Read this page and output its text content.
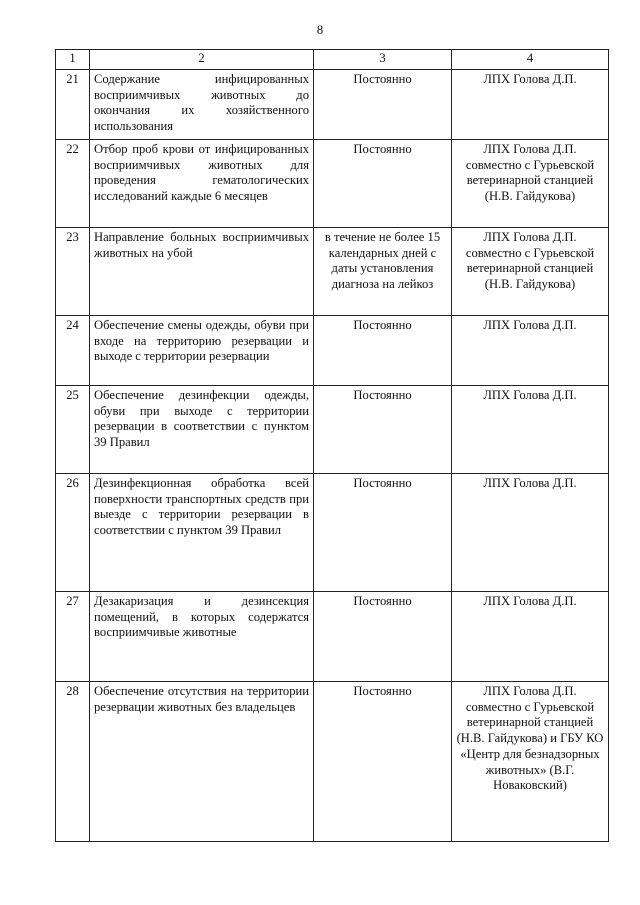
8
1	2	3	4
21	Содержание инфицированных восприимчивых животных до окончания их хозяйственного использования	Постоянно	ЛПХ Голова Д.П.
22	Отбор проб крови от инфицированных восприимчивых животных для проведения гематологических исследований каждые 6 месяцев	Постоянно	ЛПХ Голова Д.П. совместно с Гурьевской ветеринарной станцией (Н.В. Гайдукова)
23	Направление больных восприимчивых животных на убой	в течение не более 15 календарных дней с даты установления диагноза на лейкоз	ЛПХ Голова Д.П. совместно с Гурьевской ветеринарной станцией (Н.В. Гайдукова)
24	Обеспечение смены одежды, обуви при входе на территорию резервации и выходе с территории резервации	Постоянно	ЛПХ Голова Д.П.
25	Обеспечение дезинфекции одежды, обуви при выходе с территории резервации в соответствии с пунктом 39 Правил	Постоянно	ЛПХ Голова Д.П.
26	Дезинфекционная обработка всей поверхности транспортных средств при выезде с территории резервации в соответствии с пунктом 39 Правил	Постоянно	ЛПХ Голова Д.П.
27	Дезакаризация и дезинсекция помещений, в которых содержатся восприимчивые животные	Постоянно	ЛПХ Голова Д.П.
28	Обеспечение отсутствия на территории резервации животных без владельцев	Постоянно	ЛПХ Голова Д.П. совместно с Гурьевской ветеринарной станцией (Н.В. Гайдукова) и ГБУ КО «Центр для безнадзорных животных» (В.Г. Новаковский)
